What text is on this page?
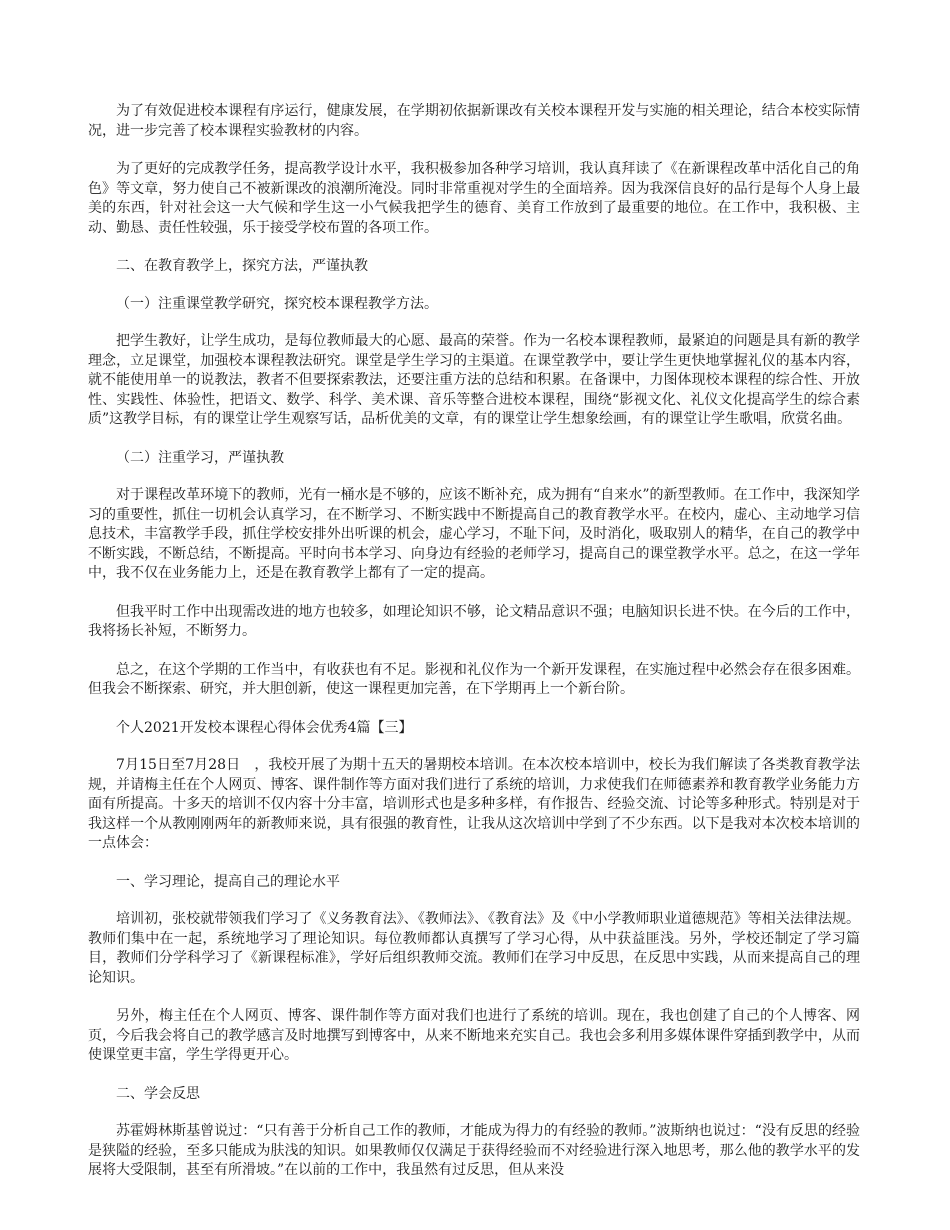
为了有效促进校本课程有序运行，健康发展，在学期初依据新课改有关校本课程开发与实施的相关理论，结合本校实际情况，进一步完善了校本课程实验教材的内容。

为了更好的完成教学任务，提高教学设计水平，我积极参加各种学习培训，我认真拜读了《在新课程改革中活化自己的角色》等文章，努力使自己不被新课改的浪潮所淹没。同时非常重视对学生的全面培养。因为我深信良好的品行是每个人身上最美的东西，针对社会这一大气候和学生这一小气候我把学生的德育、美育工作放到了最重要的地位。在工作中，我积极、主动、勤恳、责任性较强，乐于接受学校布置的各项工作。

二、在教育教学上，探究方法，严谨执教

（一）注重课堂教学研究，探究校本课程教学方法。

把学生教好，让学生成功，是每位教师最大的心愿、最高的荣誉。作为一名校本课程教师，最紧迫的问题是具有新的教学理念，立足课堂，加强校本课程教法研究。课堂是学生学习的主渠道。在课堂教学中，要让学生更快地掌握礼仪的基本内容，就不能使用单一的说教法，教者不但要探索教法，还要注重方法的总结和积累。在备课中，力图体现校本课程的综合性、开放性、实践性、体验性，把语文、数学、科学、美术课、音乐等整合进校本课程，围绕“影视文化、礼仪文化提高学生的综合素质”这教学目标，有的课堂让学生观察写话，品析优美的文章，有的课堂让学生想象绘画，有的课堂让学生歌唱，欣赏名曲。

（二）注重学习，严谨执教

对于课程改革环境下的教师，光有一桶水是不够的，应该不断补充，成为拥有“自来水”的新型教师。在工作中，我深知学习的重要性，抓住一切机会认真学习，在不断学习、不断实践中不断提高自己的教育教学水平。在校内，虚心、主动地学习信息技术，丰富教学手段，抓住学校安排外出听课的机会，虚心学习，不耻下问，及时消化，吸取别人的精华，在自己的教学中不断实践，不断总结，不断提高。平时向书本学习、向身边有经验的老师学习，提高自己的课堂教学水平。总之，在这一学年中，我不仅在业务能力上，还是在教育教学上都有了一定的提高。

但我平时工作中出现需改进的地方也较多，如理论知识不够，论文精品意识不强；电脑知识长进不快。在今后的工作中，我将扬长补短，不断努力。

总之，在这个学期的工作当中，有收获也有不足。影视和礼仪作为一个新开发课程，在实施过程中必然会存在很多困难。但我会不断探索、研究，并大胆创新，使这一课程更加完善，在下学期再上一个新台阶。

个人2021开发校本课程心得体会优秀4篇【三】

7月15日至7月28日　，我校开展了为期十五天的暑期校本培训。在本次校本培训中，校长为我们解读了各类教育教学法规，并请梅主任在个人网页、博客、课件制作等方面对我们进行了系统的培训，力求使我们在师德素养和教育教学业务能力方面有所提高。十多天的培训不仅内容十分丰富，培训形式也是多种多样，有作报告、经验交流、讨论等多种形式。特别是对于我这样一个从教刚刚两年的新教师来说，具有很强的教育性，让我从这次培训中学到了不少东西。以下是我对本次校本培训的一点体会：

一、学习理论，提高自己的理论水平

培训初，张校就带领我们学习了《义务教育法》、《教师法》、《教育法》及《中小学教师职业道德规范》等相关法律法规。教师们集中在一起，系统地学习了理论知识。每位教师都认真撰写了学习心得，从中获益匪浅。另外，学校还制定了学习篇目，教师们分学科学习了《新课程标准》，学好后组织教师交流。教师们在学习中反思，在反思中实践，从而来提高自己的理论知识。

另外，梅主任在个人网页、博客、课件制作等方面对我们也进行了系统的培训。现在，我也创建了自己的个人博客、网页，今后我会将自己的教学感言及时地撰写到博客中，从来不断地来充实自己。我也会多利用多媒体课件穿插到教学中，从而使课堂更丰富，学生学得更开心。

二、学会反思

苏霍姆林斯基曾说过：“只有善于分析自己工作的教师，才能成为得力的有经验的教师。”波斯纳也说过：“没有反思的经验是狭隘的经验，至多只能成为肤浅的知识。如果教师仅仅满足于获得经验而不对经验进行深入地思考，那么他的教学水平的发展将大受限制，甚至有所滑坡。”在以前的工作中，我虽然有过反思，但从来没
